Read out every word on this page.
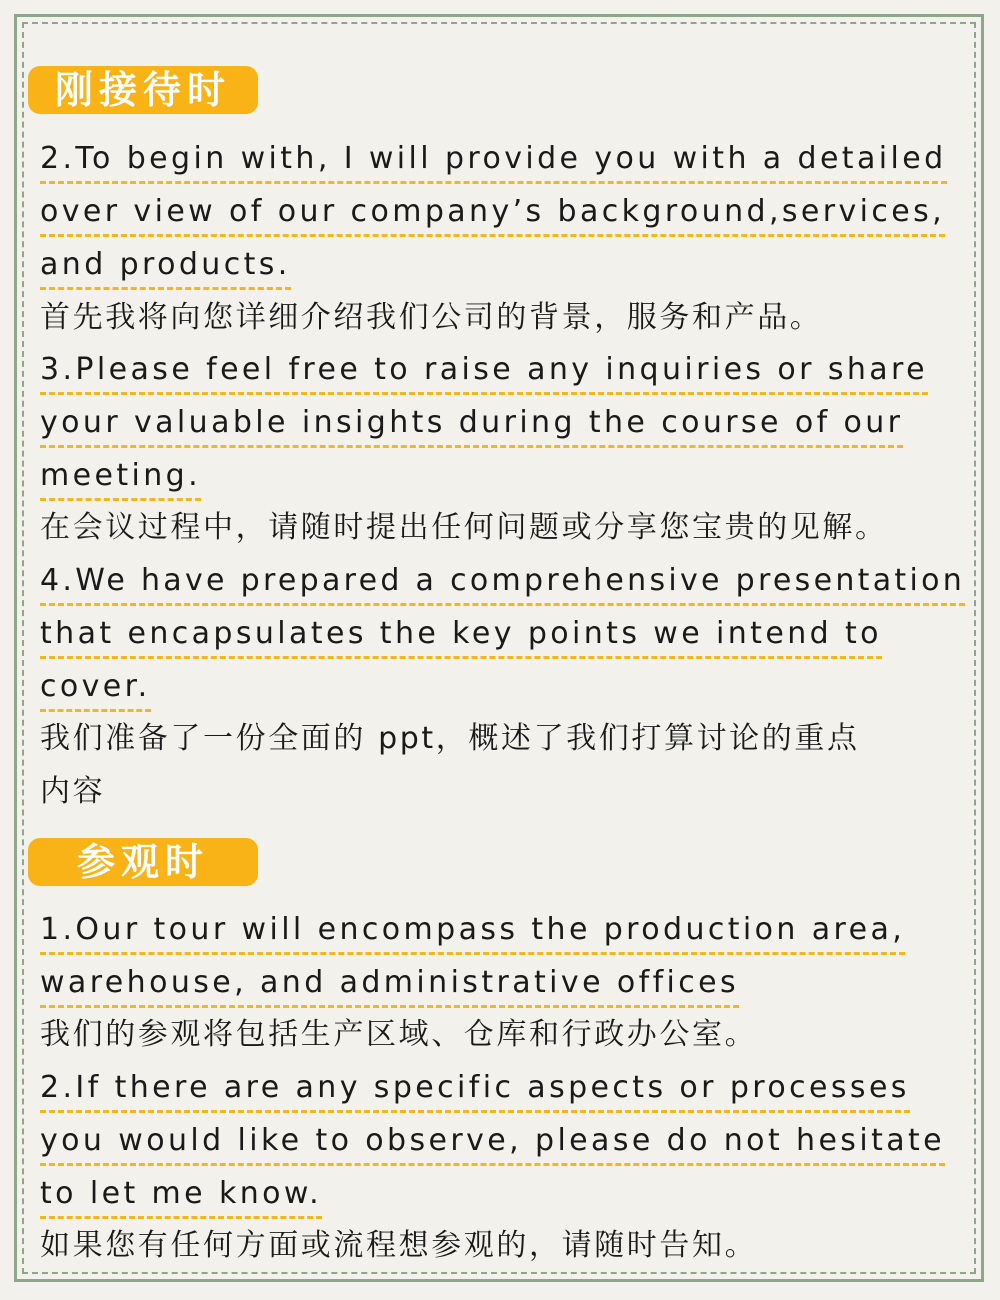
刚接待时
2.To begin with, I will provide you with a detailed
over view of our company’s background,services,
and products.
首先我将向您详细介绍我们公司的背景，服务和产品。
3.Please feel free to raise any inquiries or share
your valuable insights during the course of our
meeting.
在会议过程中，请随时提出任何问题或分享您宝贵的见解。
4.We have prepared a comprehensive presentation
that encapsulates the key points we intend to
cover.
我们准备了一份全面的 ppt，概述了我们打算讨论的重点
内容
参观时
1.Our tour will encompass the production area,
warehouse, and administrative offices
我们的参观将包括生产区域、仓库和行政办公室。
2.If there are any specific aspects or processes
you would like to observe, please do not hesitate
to let me know.
如果您有任何方面或流程想参观的，请随时告知。
